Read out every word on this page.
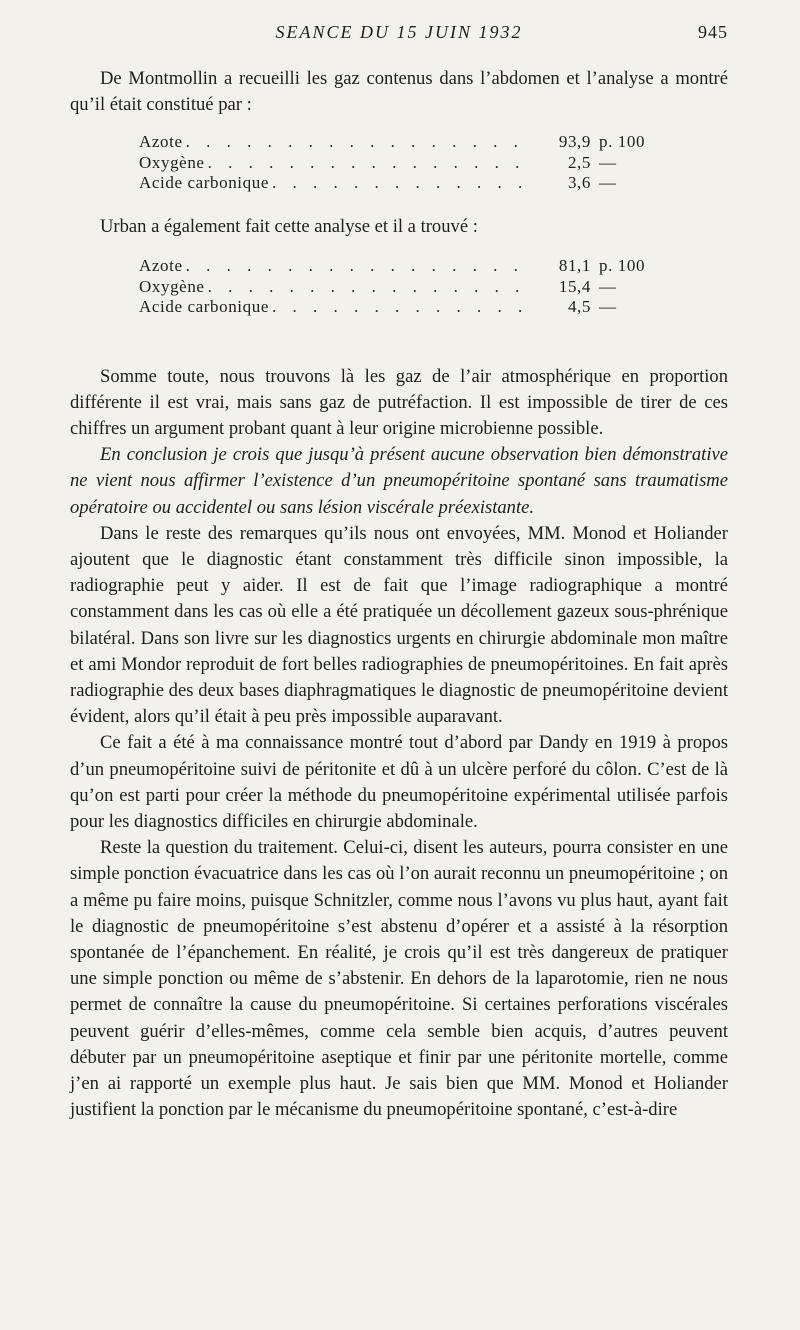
SEANCE DU 15 JUIN 1932	945

De Montmollin a recueilli les gaz contenus dans l’abdomen et l’analyse a montré qu’il était constitué par :

Azote . . .	93,9 p. 100
Oxygène . . .	2,5 —
Acide carbonique . . .	3,6 —

Urban a également fait cette analyse et il a trouvé :

Azote . . .	81,1 p. 100
Oxygène . . .	15,4 —
Acide carbonique . . .	4,5 —

Somme toute, nous trouvons là les gaz de l’air atmosphérique en proportion différente il est vrai, mais sans gaz de putréfaction. Il est impossible de tirer de ces chiffres un argument probant quant à leur origine microbienne possible.

En conclusion je crois que jusqu’à présent aucune observation bien démonstrative ne vient nous affirmer l’existence d’un pneumopéritoine spontané sans traumatisme opératoire ou accidentel ou sans lésion viscérale préexistante.

Dans le reste des remarques qu’ils nous ont envoyées, MM. Monod et Holiander ajoutent que le diagnostic étant constamment très difficile sinon impossible, la radiographie peut y aider. Il est de fait que l’image radiographique a montré constamment dans les cas où elle a été pratiquée un décollement gazeux sous-phrénique bilatéral. Dans son livre sur les diagnostics urgents en chirurgie abdominale mon maître et ami Mondor reproduit de fort belles radiographies de pneumopéritoines. En fait après radiographie des deux bases diaphragmatiques le diagnostic de pneumopéritoine devient évident, alors qu’il était à peu près impossible auparavant.

Ce fait a été à ma connaissance montré tout d’abord par Dandy en 1919 à propos d’un pneumopéritoine suivi de péritonite et dû à un ulcère perforé du côlon. C’est de là qu’on est parti pour créer la méthode du pneumopéritoine expérimental utilisée parfois pour les diagnostics difficiles en chirurgie abdominale.

Reste la question du traitement. Celui-ci, disent les auteurs, pourra consister en une simple ponction évacuatrice dans les cas où l’on aurait reconnu un pneumopéritoine ; on a même pu faire moins, puisque Schnitzler, comme nous l’avons vu plus haut, ayant fait le diagnostic de pneumopéritoine s’est abstenu d’opérer et a assisté à la résorption spontanée de l’épanchement. En réalité, je crois qu’il est très dangereux de pratiquer une simple ponction ou même de s’abstenir. En dehors de la laparotomie, rien ne nous permet de connaître la cause du pneumopéritoine. Si certaines perforations viscérales peuvent guérir d’elles-mêmes, comme cela semble bien acquis, d’autres peuvent débuter par un pneumopéritoine aseptique et finir par une péritonite mortelle, comme j’en ai rapporté un exemple plus haut. Je sais bien que MM. Monod et Holiander justifient la ponction par le mécanisme du pneumopéritoine spontané, c’est-à-dire
